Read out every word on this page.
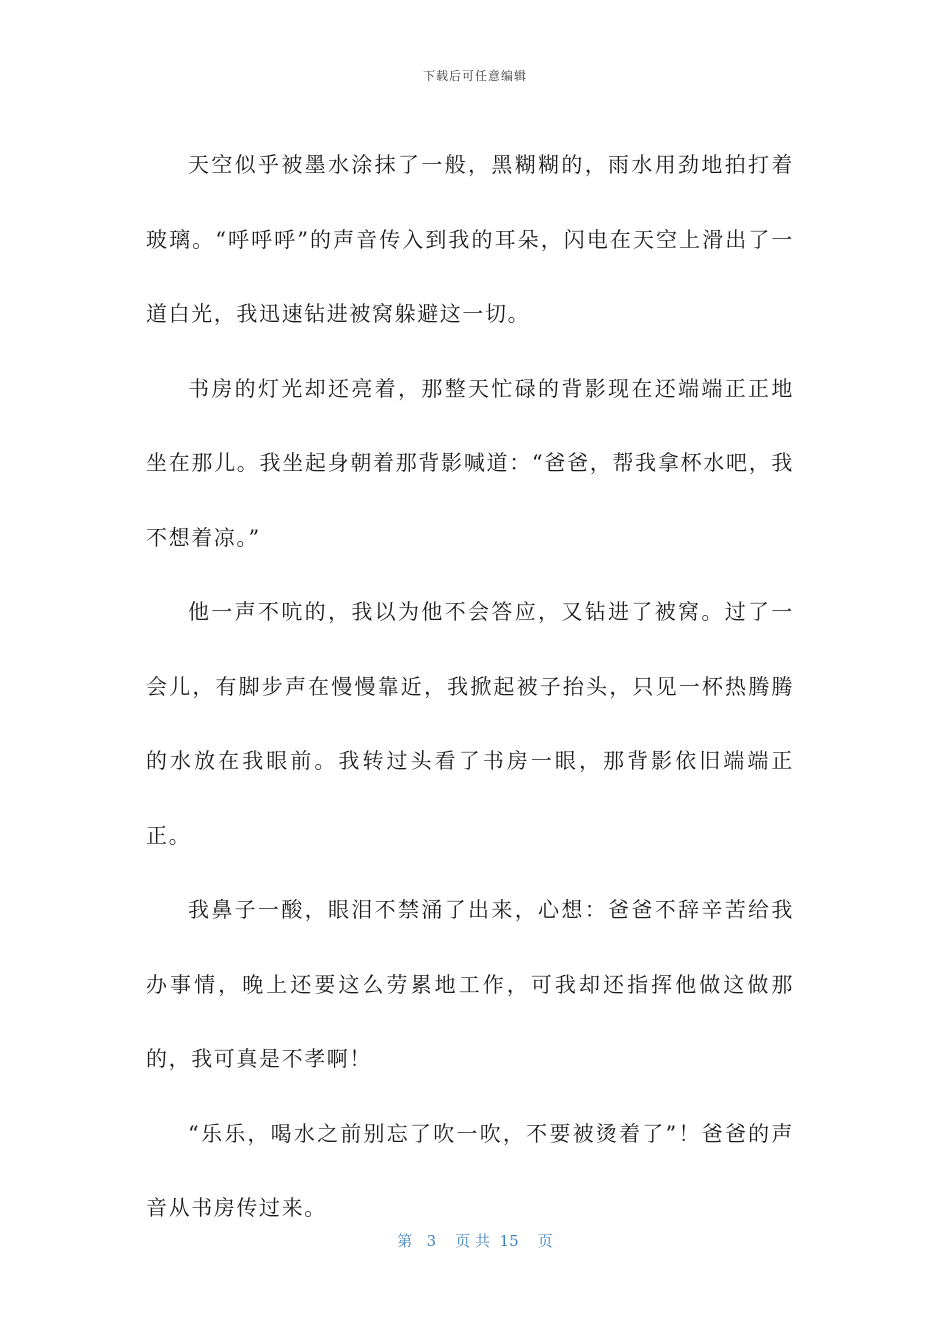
下载后可任意编辑

天空似乎被墨水涂抹了一般，黑糊糊的，雨水用劲地拍打着玻璃。“呼呼呼”的声音传入到我的耳朵，闪电在天空上滑出了一道白光，我迅速钻进被窝躲避这一切。

书房的灯光却还亮着，那整天忙碌的背影现在还端端正正地坐在那儿。我坐起身朝着那背影喊道：“爸爸，帮我拿杯水吧，我不想着凉。”

他一声不吭的，我以为他不会答应，又钻进了被窝。过了一会儿，有脚步声在慢慢靠近，我掀起被子抬头，只见一杯热腾腾的水放在我眼前。我转过头看了书房一眼，那背影依旧端端正正。

我鼻子一酸，眼泪不禁涌了出来，心想：爸爸不辞辛苦给我办事情，晚上还要这么劳累地工作，可我却还指挥他做这做那的，我可真是不孝啊！

“乐乐，喝水之前别忘了吹一吹，不要被烫着了”！爸爸的声音从书房传过来。

第 3 页 共 15 页
